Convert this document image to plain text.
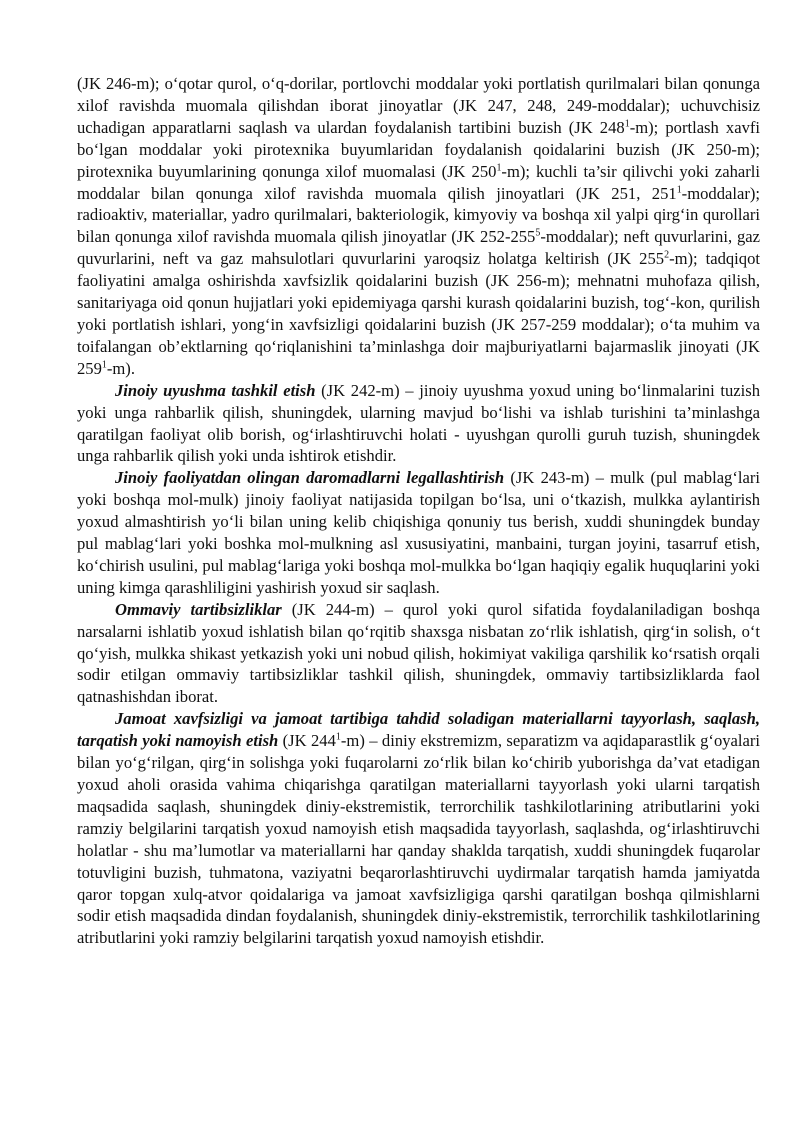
(JK 246-m); o‘qotar qurol, o‘q-dorilar, portlovchi moddalar yoki portlatish qurilmalari bilan qonunga xilof ravishda muomala qilishdan iborat jinoyatlar (JK 247, 248, 249-moddalar); uchuvchisiz uchadigan apparatlarni saqlash va ulardan foydalanish tartibini buzish (JK $248^1-m$); portlash xavfi bo‘lgan moddalar yoki pirotexnika buyumlaridan foydalanish qoidalarini buzish (JK 250-m); pirotexnika buyumlarining qonunga xilof muomalasi (JK $250^1-m$); kuchli ta’sir qilivchi yoki zaharli moddalar bilan qonunga xilof ravishda muomala qilish jinoyatlari (JK 251, $251^1-moddalar$); radioaktiv, materiallar, yadro qurilmalari, bakteriologik, kimyoviy va boshqa xil yalpi qirg‘in qurollari bilan qonunga xilof ravishda muomala qilish jinoyatlar (JK $252-255^5-moddalar$); neft quvurlarini, gaz quvurlarini, neft va gaz mahsulotlari quvurlarini yaroqsiz holatga keltirish (JK $255^2-m$); tadqiqot faoliyatini amalga oshirishda xavfsizlik qoidalarini buzish (JK 256-m); mehnatni muhofaza qilish, sanitariyaga oid qonun hujjatlari yoki epidemiyaga qarshi kurash qoidalarini buzish, tog‘-kon, qurilish yoki portlatish ishlari, yong‘in xavfsizligi qoidalarini buzish (JK 257-259 moddalar); o‘ta muhim va toifalangan ob’ektlarning qo‘riqlanishini ta’minlashga doir majburiyatlarni bajarmaslik jinoyati (JK $259^1-m$).

Jinoiy uyushma tashkil etish (JK 242-m) – jinoiy uyushma yoxud uning bo‘linmalarini tuzish yoki unga rahbarlik qilish, shuningdek, ularning mavjud bo‘lishi va ishlab turishini ta’minlashga qaratilgan faoliyat olib borish, og‘irlashtiruvchi holati - uyushgan qurolli guruh tuzish, shuningdek unga rahbarlik qilish yoki unda ishtirok etishdir.

Jinoiy faoliyatdan olingan daromadlarni legallashtirish (JK 243-m) – mulk (pul mablag‘lari yoki boshqa mol-mulk) jinoiy faoliyat natijasida topilgan bo‘lsa, uni o‘tkazish, mulkka aylantirish yoxud almashtirish yo‘li bilan uning kelib chiqishiga qonuniy tus berish, xuddi shuningdek bunday pul mablag‘lari yoki boshka mol-mulkning asl xususiyatini, manbaini, turgan joyini, tasarruf etish, ko‘chirish usulini, pul mablag‘lariga yoki boshqa mol-mulkka bo‘lgan haqiqiy egalik huquqlarini yoki uning kimga qarashliligini yashirish yoxud sir saqlash.

Ommaviy tartibsizliklar (JK 244-m) – qurol yoki qurol sifatida foydalaniladigan boshqa narsalarni ishlatib yoxud ishlatish bilan qo‘rqitib shaxsga nisbatan zo‘rlik ishlatish, qirg‘in solish, o‘t qo‘yish, mulkka shikast yetkazish yoki uni nobud qilish, hokimiyat vakiliga qarshilik ko‘rsatish orqali sodir etilgan ommaviy tartibsizliklar tashkil qilish, shuningdek, ommaviy tartibsizliklarda faol qatnashishdan iborat.

Jamoat xavfsizligi va jamoat tartibiga tahdid soladigan materiallarni tayyorlash, saqlash, tarqatish yoki namoyish etish (JK $244^1-m$) – diniy ekstremizm, separatizm va aqidaparastlik g‘oyalari bilan yo‘g‘rilgan, qirg‘in solishga yoki fuqarolarni zo‘rlik bilan ko‘chirib yuborishga da’vat etadigan yoxud aholi orasida vahima chiqarishga qaratilgan materiallarni tayyorlash yoki ularni tarqatish maqsadida saqlash, shuningdek diniy-ekstremistik, terrorchilik tashkilotlarining atributlarini yoki ramziy belgilarini tarqatish yoxud namoyish etish maqsadida tayyorlash, saqlashda, og‘irlashtiruvchi holatlar - shu ma’lumotlar va materiallarni har qanday shaklda tarqatish, xuddi shuningdek fuqarolar totuvligini buzish, tuhmatona, vaziyatni beqarorlashtiruvchi uydirmalar tarqatish hamda jamiyatda qaror topgan xulq-atvor qoidalariga va jamoat xavfsizligiga qarshi qaratilgan boshqa qilmishlarni sodir etish maqsadida dindan foydalanish, shuningdek diniy-ekstremistik, terrorchilik tashkilotlarining atributlarini yoki ramziy belgilarini tarqatish yoxud namoyish etishdir.
